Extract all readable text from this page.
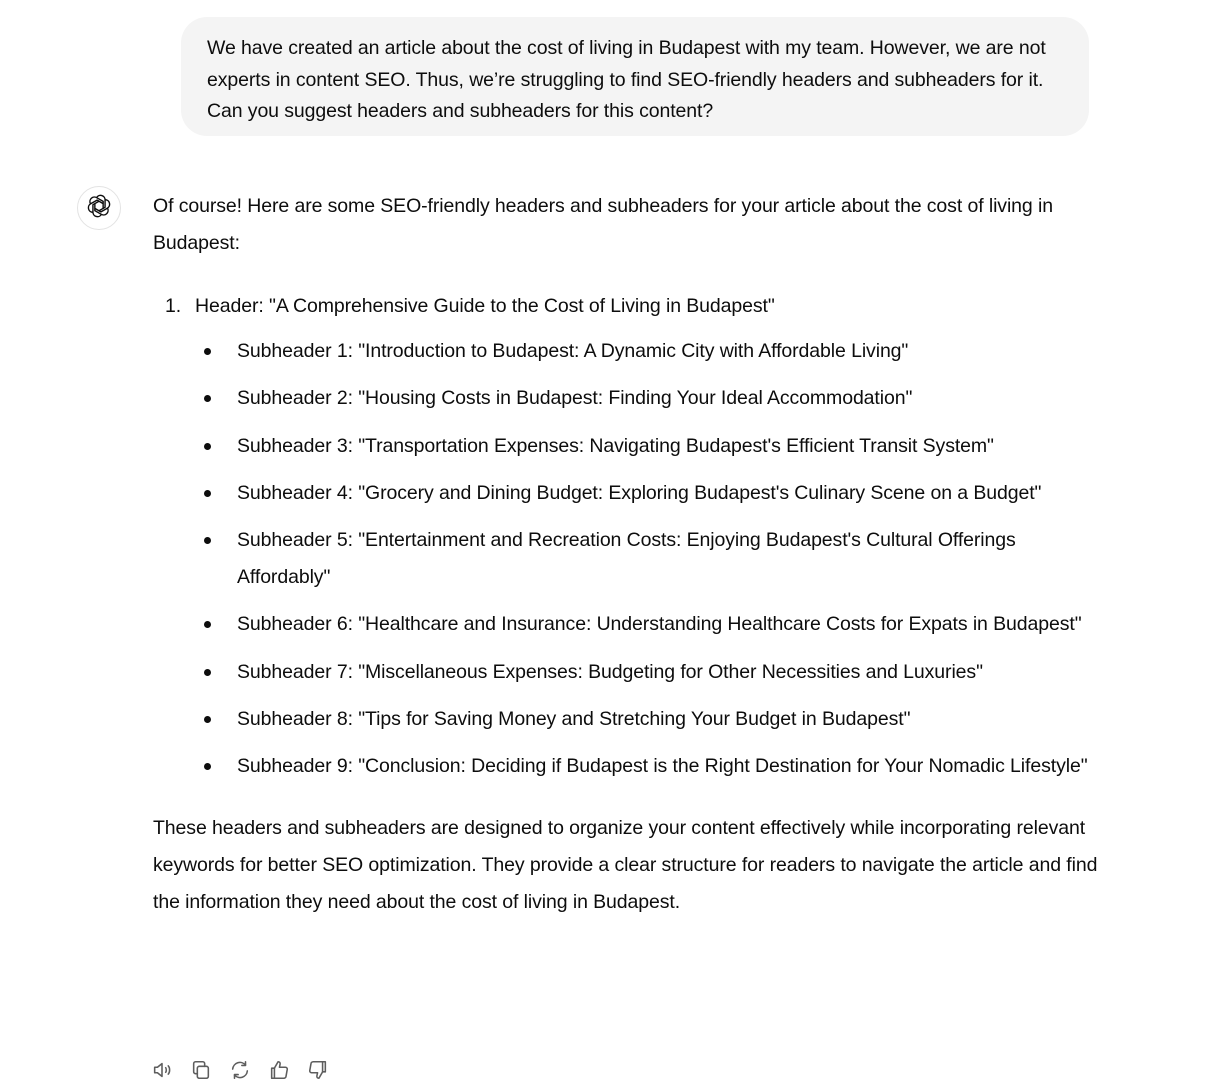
We have created an article about the cost of living in Budapest with my team. However, we are not experts in content SEO. Thus, we’re struggling to find SEO-friendly headers and subheaders for it. Can you suggest headers and subheaders for this content?

Of course! Here are some SEO-friendly headers and subheaders for your article about the cost of living in Budapest:

1. Header: "A Comprehensive Guide to the Cost of Living in Budapest"
Subheader 1: "Introduction to Budapest: A Dynamic City with Affordable Living"
Subheader 2: "Housing Costs in Budapest: Finding Your Ideal Accommodation"
Subheader 3: "Transportation Expenses: Navigating Budapest's Efficient Transit System"
Subheader 4: "Grocery and Dining Budget: Exploring Budapest's Culinary Scene on a Budget"
Subheader 5: "Entertainment and Recreation Costs: Enjoying Budapest's Cultural Offerings Affordably"
Subheader 6: "Healthcare and Insurance: Understanding Healthcare Costs for Expats in Budapest"
Subheader 7: "Miscellaneous Expenses: Budgeting for Other Necessities and Luxuries"
Subheader 8: "Tips for Saving Money and Stretching Your Budget in Budapest"
Subheader 9: "Conclusion: Deciding if Budapest is the Right Destination for Your Nomadic Lifestyle"

These headers and subheaders are designed to organize your content effectively while incorporating relevant keywords for better SEO optimization. They provide a clear structure for readers to navigate the article and find the information they need about the cost of living in Budapest.
